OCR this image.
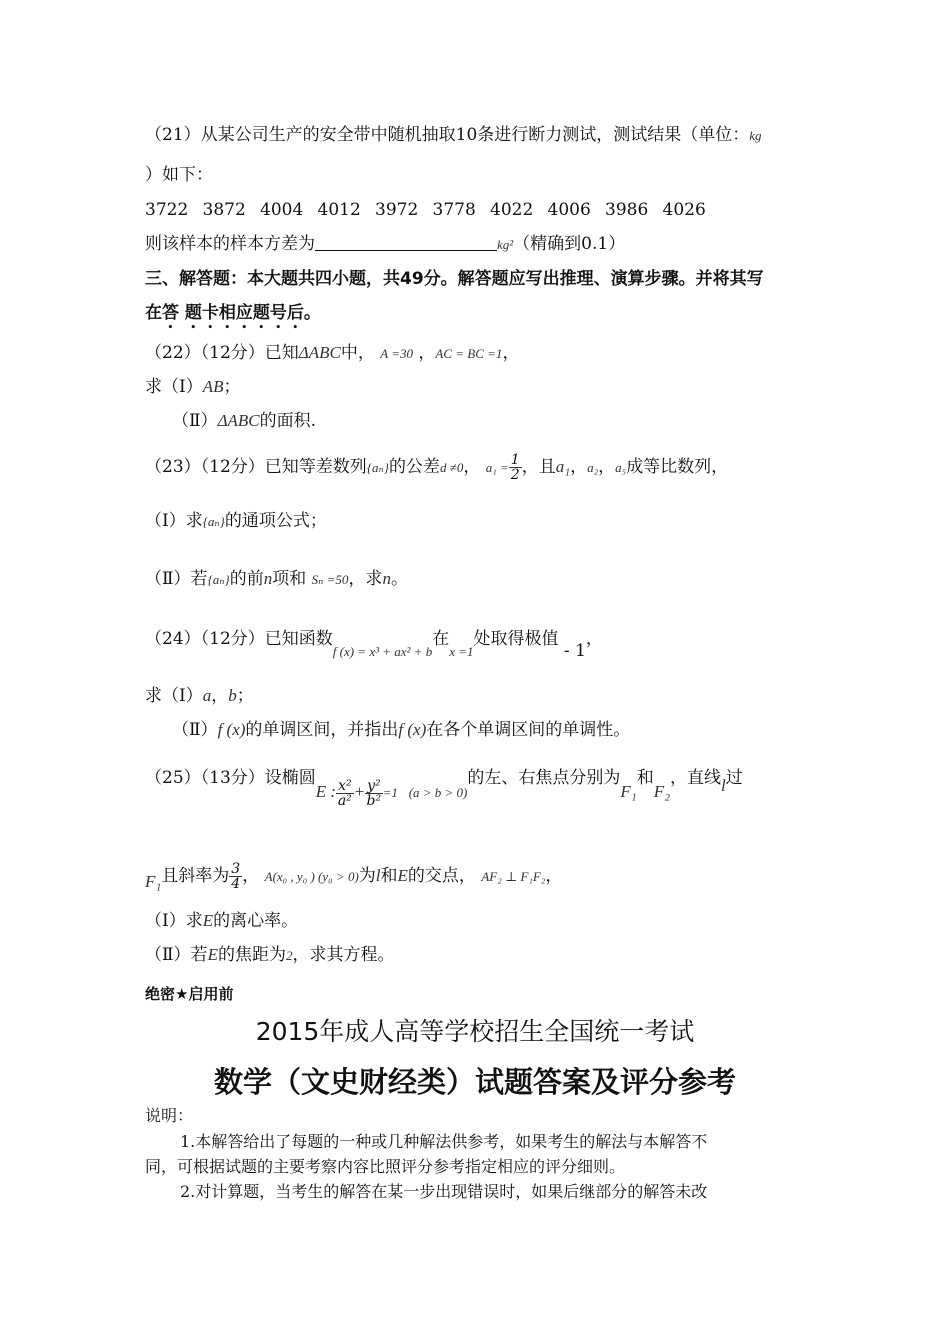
（21）从某公司生产的安全带中随机抽取10条进行断力测试，测试结果（单位：kg
）如下：
3722 3872 4004 4012 3972 3778 4022 4006 3986 4026
则该样本的样本方差为	kg²（精确到0.1）
三、解答题：本大题共四小题，共49分。解答题应写出推理、演算步骤。并将其写
在答 题卡相应题号后。
（22）（12分）已知ΔABC中， A =30 ，AC = BC =1，
求（Ⅰ）AB；
（Ⅱ）ΔABC的面积.
（23）（12分）已知等差数列{aₙ}的公差d ≠0， $a_1 = \frac{1}{2}$ ，且a₁，a₂，a₅成等比数列，
（Ⅰ）求{aₙ}的通项公式；
（Ⅱ）若{aₙ}的前n项和 Sₙ =50，求n。
（24）（12分）已知函数$_{f (x) = x^3 + ax^2 + b}$在$_{x =1}$处取得极值 - 1，
求（Ⅰ）a，b；
（Ⅱ）f (x)的单调区间，并指出f (x)在各个单调区间的单调性。
（25）（13分）设椭圆E : $\frac{\text{x²}}{\text{a²}} + \frac{\text{y²}}{\text{b²}} _{=1}$ $_{(a > b > 0)}$的左、右焦点分别为F₁和F₂，直线l过
F₁且斜率为 $\frac{3}{4}$ ， A(x₀ , y₀ ) (y₀ > 0)为l和E的交点， AF₂ ⊥ F₁F₂，
（Ⅰ）求E的离心率。
（Ⅱ）若E的焦距为2，求其方程。
绝密★启用前
2015年成人高等学校招生全国统一考试
数学（文史财经类）试题答案及评分参考
说明：
1.本解答给出了每题的一种或几种解法供参考，如果考生的解法与本解答不
同，可根据试题的主要考察内容比照评分参考指定相应的评分细则。
2.对计算题，当考生的解答在某一步出现错误时，如果后继部分的解答未改
